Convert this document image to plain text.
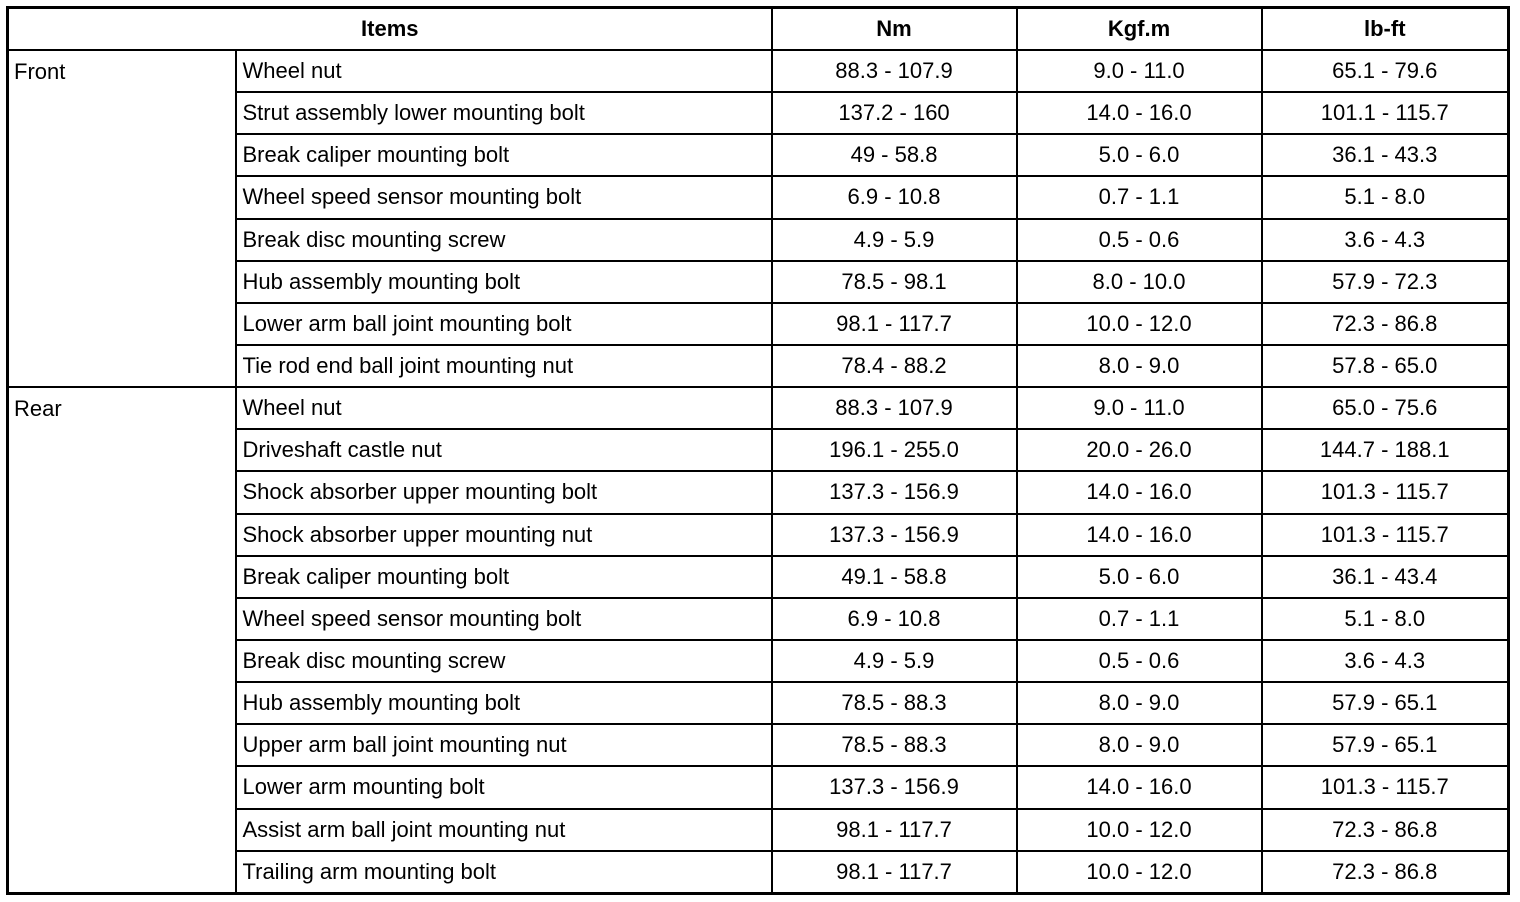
Items		Nm	Kgf.m	lb-ft
Front	Wheel nut	88.3 - 107.9	9.0 - 11.0	65.1 - 79.6
	Strut assembly lower mounting bolt	137.2 - 160	14.0 - 16.0	101.1 - 115.7
	Break caliper mounting bolt	49 - 58.8	5.0 - 6.0	36.1 - 43.3
	Wheel speed sensor mounting bolt	6.9 - 10.8	0.7 - 1.1	5.1 - 8.0
	Break disc mounting screw	4.9 - 5.9	0.5 - 0.6	3.6 - 4.3
	Hub assembly mounting bolt	78.5 - 98.1	8.0 - 10.0	57.9 - 72.3
	Lower arm ball joint mounting bolt	98.1 - 117.7	10.0 - 12.0	72.3 - 86.8
	Tie rod end ball joint mounting nut	78.4 - 88.2	8.0 - 9.0	57.8 - 65.0
Rear	Wheel nut	88.3 - 107.9	9.0 - 11.0	65.0 - 75.6
	Driveshaft castle nut	196.1 - 255.0	20.0 - 26.0	144.7 - 188.1
	Shock absorber upper mounting bolt	137.3 - 156.9	14.0 - 16.0	101.3 - 115.7
	Shock absorber upper mounting nut	137.3 - 156.9	14.0 - 16.0	101.3 - 115.7
	Break caliper mounting bolt	49.1 - 58.8	5.0 - 6.0	36.1 - 43.4
	Wheel speed sensor mounting bolt	6.9 - 10.8	0.7 - 1.1	5.1 - 8.0
	Break disc mounting screw	4.9 - 5.9	0.5 - 0.6	3.6 - 4.3
	Hub assembly mounting bolt	78.5 - 88.3	8.0 - 9.0	57.9 - 65.1
	Upper arm ball joint mounting nut	78.5 - 88.3	8.0 - 9.0	57.9 - 65.1
	Lower arm mounting bolt	137.3 - 156.9	14.0 - 16.0	101.3 - 115.7
	Assist arm ball joint mounting nut	98.1 - 117.7	10.0 - 12.0	72.3 - 86.8
	Trailing arm mounting bolt	98.1 - 117.7	10.0 - 12.0	72.3 - 86.8
